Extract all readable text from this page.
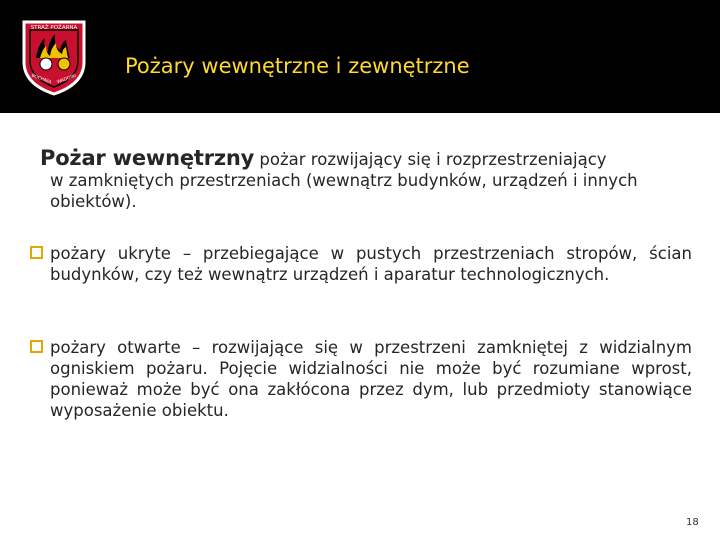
STRAŻ POŻARNA
BOCHNIA WADOWI
Pożary wewnętrzne i zewnętrzne
Pożar wewnętrzny pożar rozwijający się i rozprzestrzeniający
w zamkniętych przestrzeniach (wewnątrz budynków, urządzeń i innych obiektów).
pożary ukryte – przebiegające w pustych przestrzeniach stropów, ścian budynków, czy też wewnątrz urządzeń i aparatur technologicznych.
pożary otwarte – rozwijające się w przestrzeni zamkniętej z widzialnym ogniskiem pożaru. Pojęcie widzialności nie może być rozumiane wprost, ponieważ może być ona zakłócona przez dym, lub przedmioty stanowiące wyposażenie obiektu.
18
